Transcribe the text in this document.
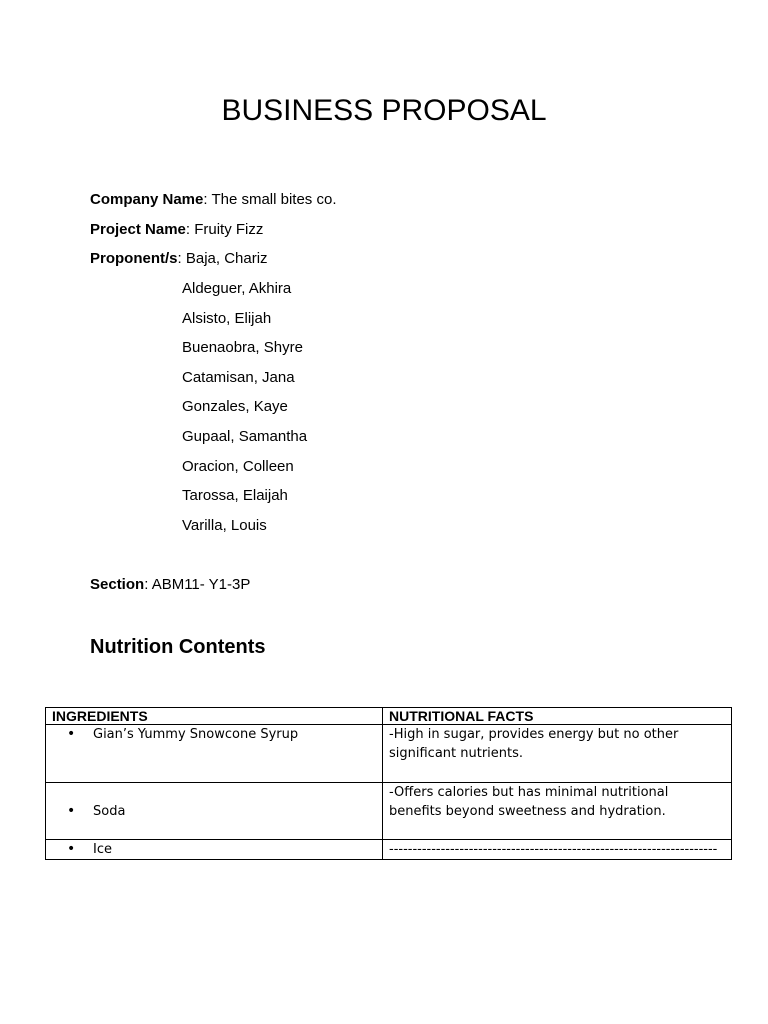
BUSINESS PROPOSAL
Company Name: The small bites co.
Project Name: Fruity Fizz
Proponent/s: Baja, Chariz
Aldeguer, Akhira
Alsisto, Elijah
Buenaobra, Shyre
Catamisan, Jana
Gonzales, Kaye
Gupaal, Samantha
Oracion, Colleen
Tarossa, Elaijah
Varilla, Louis
Section: ABM11- Y1-3P
Nutrition Contents
INGREDIENTS	NUTRITIONAL FACTS

• Gian’s Yummy Snowcone Syrup	-High in sugar, provides energy but no other significant nutrients.

• Soda	-Offers calories but has minimal nutritional benefits beyond sweetness and hydration.

• Ice	----------------------------------------------------------------------
